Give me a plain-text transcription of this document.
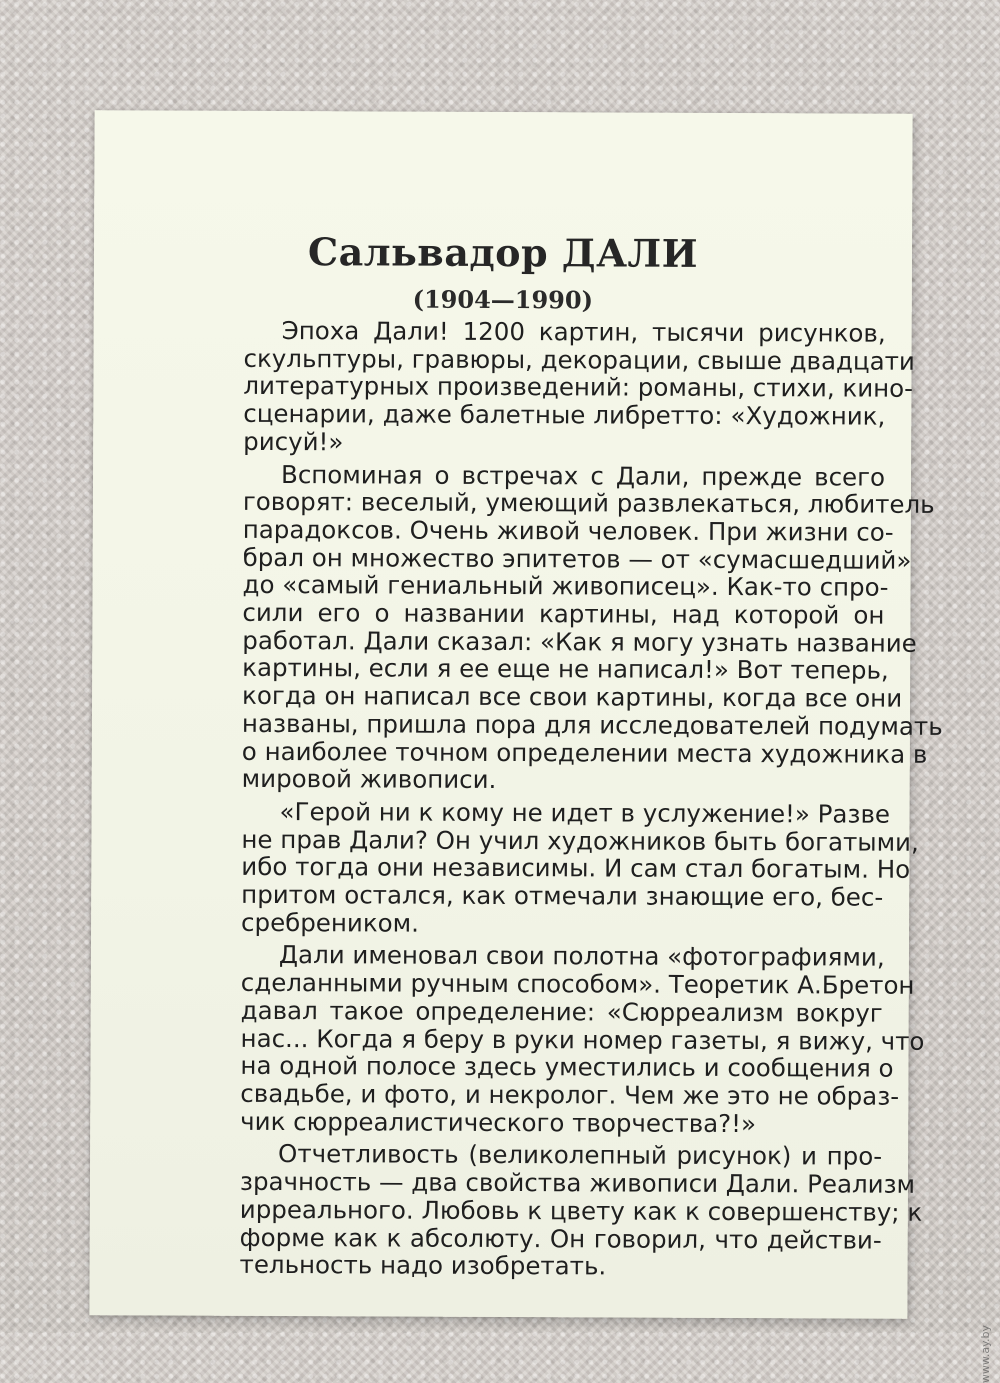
Сальвадор ДАЛИ
(1904—1990)
Эпоха Дали! 1200 картин, тысячи рисунков,
скульптуры, гравюры, декорации, свыше двадцати
литературных произведений: романы, стихи, кино-
сценарии, даже балетные либретто: «Художник,
рисуй!»
Вспоминая о встречах с Дали, прежде всего
говорят: веселый, умеющий развлекаться, любитель
парадоксов. Очень живой человек. При жизни со-
брал он множество эпитетов — от «сумасшедший»
до «самый гениальный живописец». Как-то спро-
сили его о названии картины, над которой он
работал. Дали сказал: «Как я могу узнать название
картины, если я ее еще не написал!» Вот теперь,
когда он написал все свои картины, когда все они
названы, пришла пора для исследователей подумать
о наиболее точном определении места художника в
мировой живописи.
«Герой ни к кому не идет в услужение!» Разве
не прав Дали? Он учил художников быть богатыми,
ибо тогда они независимы. И сам стал богатым. Но
притом остался, как отмечали знающие его, бес-
сребреником.
Дали именовал свои полотна «фотографиями,
сделанными ручным способом». Теоретик А.Бретон
давал такое определение: «Сюрреализм вокруг
нас... Когда я беру в руки номер газеты, я вижу, что
на одной полосе здесь уместились и сообщения о
свадьбе, и фото, и некролог. Чем же это не образ-
чик сюрреалистического творчества?!»
Отчетливость (великолепный рисунок) и про-
зрачность — два свойства живописи Дали. Реализм
ирреального. Любовь к цвету как к совершенству; к
форме как к абсолюту. Он говорил, что действи-
тельность надо изобретать.
www.ay.by
